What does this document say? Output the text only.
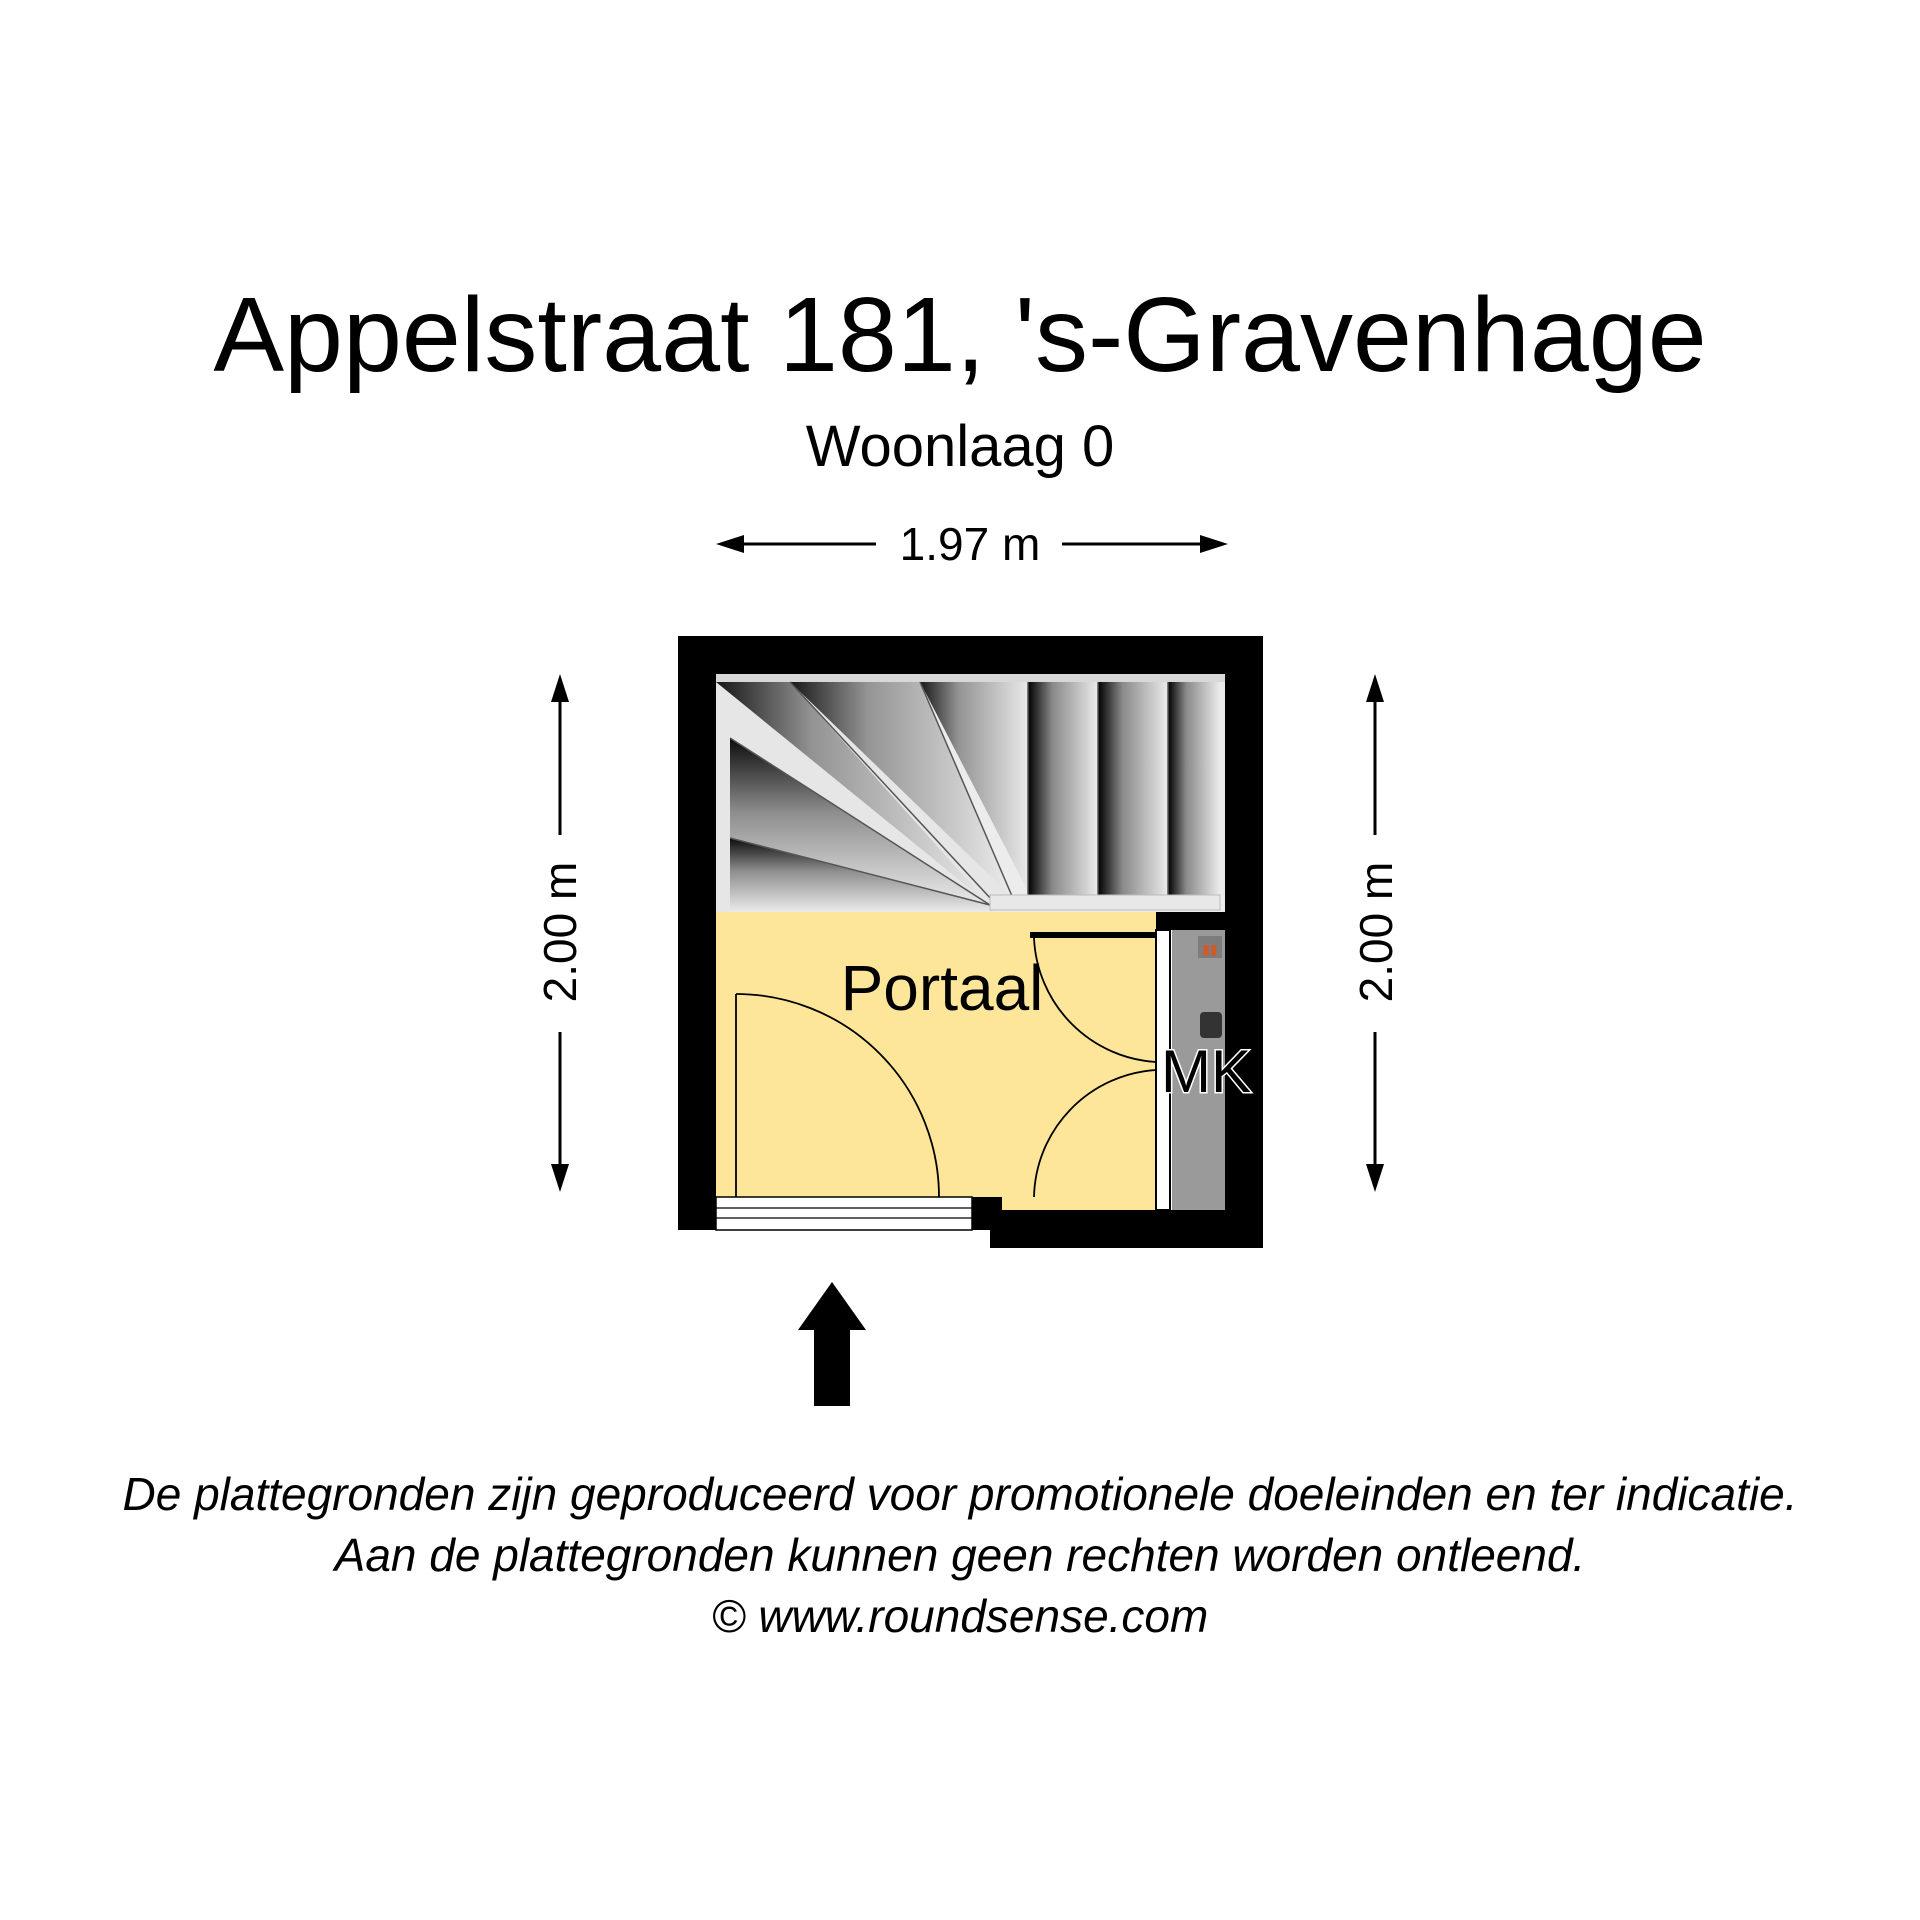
Appelstraat 181, 's-Gravenhage
Woonlaag 0
1.97 m
2.00 m	2.00 m
Portaal
▮▮
MK
De plattegronden zijn geproduceerd voor promotionele doeleinden en ter indicatie.
Aan de plattegronden kunnen geen rechten worden ontleend.
© www.roundsense.com
